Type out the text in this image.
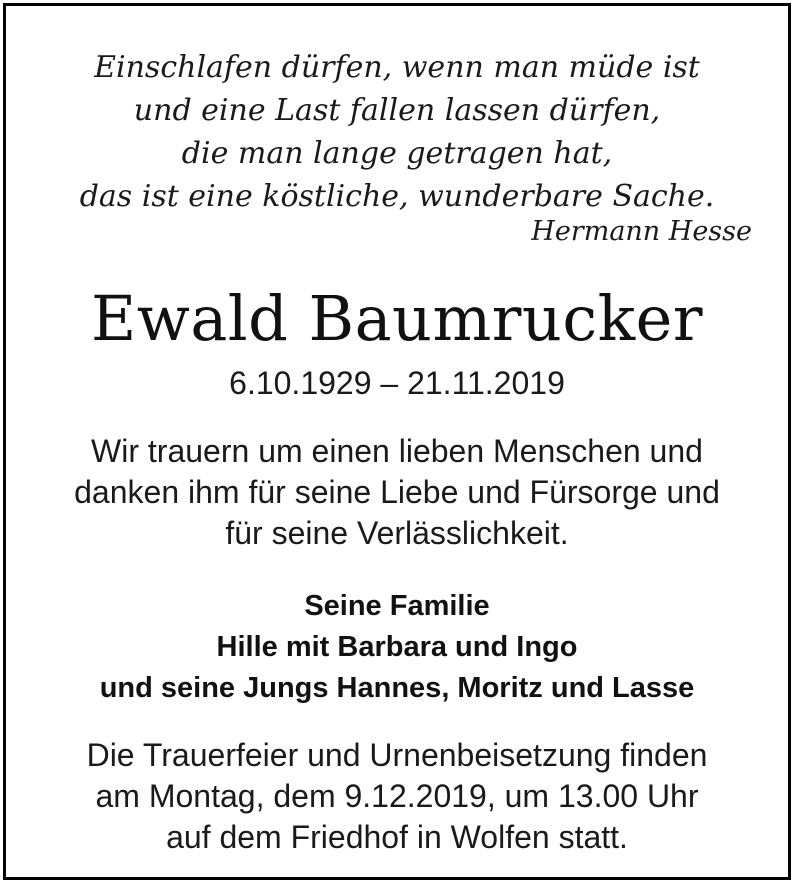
Einschlafen dürfen, wenn man müde ist
und eine Last fallen lassen dürfen,
die man lange getragen hat,
das ist eine köstliche, wunderbare Sache.
Hermann Hesse
Ewald Baumrucker
6.10.1929 – 21.11.2019
Wir trauern um einen lieben Menschen und
danken ihm für seine Liebe und Fürsorge und
für seine Verlässlichkeit.
Seine Familie
Hille mit Barbara und Ingo
und seine Jungs Hannes, Moritz und Lasse
Die Trauerfeier und Urnenbeisetzung finden
am Montag, dem 9.12.2019, um 13.00 Uhr
auf dem Friedhof in Wolfen statt.
